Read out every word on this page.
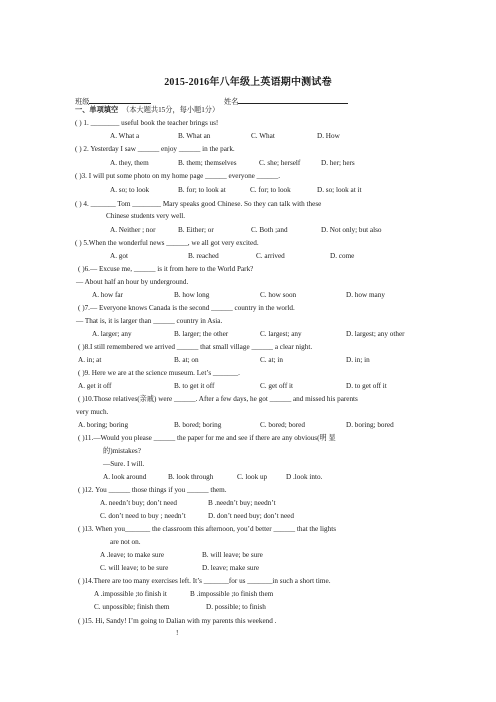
2015-2016年八年级上英语期中测试卷
班级	姓名
一、单项填空 （本大题共15分，每小题1分）
( ) 1. ________ useful book the teacher brings us!
A. What a	B. What an	C. What	D. How
( ) 2. Yesterday I saw ______ enjoy ______ in the park.
A. they, them	B. them; themselves	C. she; herself	D. her; hers
( )3. I will put some photo on my home page ______ everyone ______.
A. so; to look	B. for; to look at	C. for; to look	D. so; look at it
( ) 4. _______ Tom ________ Mary speaks good Chinese. So they can talk with these
Chinese students very well.
A. Neither ; nor	B. Either; or	C. Both ;and	D. Not only; but also
( ) 5.When the wonderful news ______, we all got very excited.
A. got	B. reached	C. arrived	D. come
( )6.— Excuse me, ______ is it from here to the World Park?
— About half an hour by underground.
A. how far	B. how long	C. how soon	D. how many
( )7.— Everyone knows Canada is the second ______ country in the world.
— That is, it is larger than ______ country in Asia.
A. larger; any	B. larger; the other	C. largest; any	D. largest; any other
( )8.I still remembered we arrived ______ that small village ______ a clear night.
A. in; at	B. at; on	C. at; in	D. in; in
( )9. Here we are at the science museum. Let’s _______.
A. get it off	B. to get it off	C. get off it	D. to get off it
( )10.Those relatives(亲戚) were ______. After a few days, he got ______ and missed his parents
very much.
A. boring; boring	B. bored; boring	C. bored; bored	D. boring; bored
( )11.—Would you please ______ the paper for me and see if there are any obvious(明 显
的)mistakes?
—Sure. I will.
A. look around	B. look through	C. look up	D .look into.
( )12. You ______ those things if you ______ them.
A. needn’t buy; don’t need	B .needn’t buy; needn’t
C. don’t need to buy ; needn’t	D. don’t need buy; don’t need
( )13. When you_______ the classroom this afternoon, you’d better ______ that the lights
are not on.
A .leave; to make sure	B. will leave; be sure
C. will leave; to be sure	D. leave; make sure
( )14.There are too many exercises left. It’s _______for us _______in such a short time.
A .impossible ;to finish it	B .impossible ;to finish them
C. unpossible; finish them	D. possible; to finish
( )15. Hi, Sandy! I’m going to Dalian with my parents this weekend .
!
